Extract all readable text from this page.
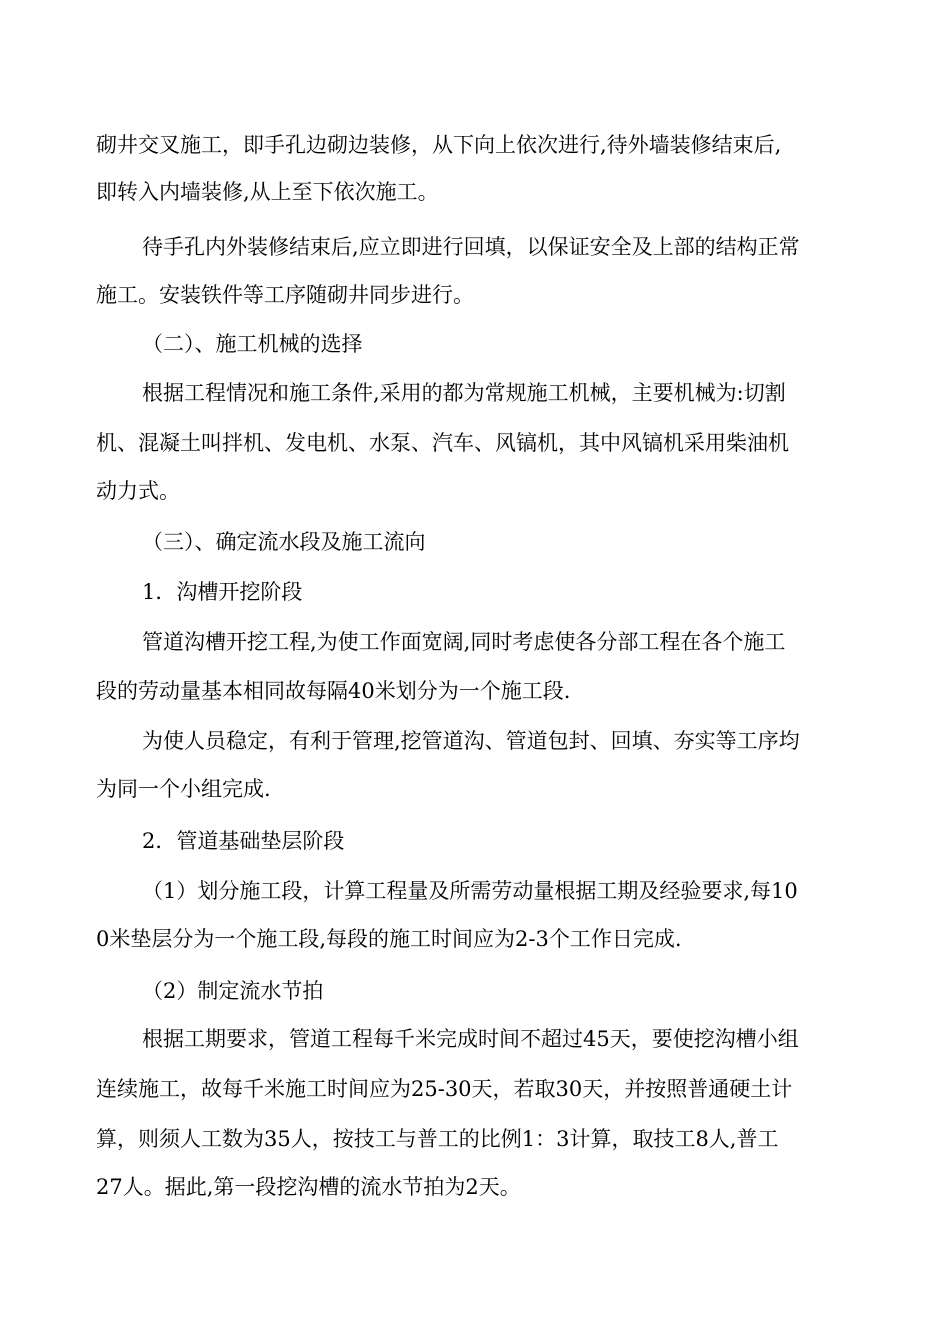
砌井交叉施工，即手孔边砌边装修，从下向上依次进行,待外墙装修结束后,
即转入内墙装修,从上至下依次施工。
待手孔内外装修结束后,应立即进行回填，以保证安全及上部的结构正常
施工。安装铁件等工序随砌井同步进行。
（二）、施工机械的选择
根据工程情况和施工条件,采用的都为常规施工机械，主要机械为:切割
机、混凝土叫拌机、发电机、水泵、汽车、风镐机，其中风镐机采用柴油机
动力式。
（三）、确定流水段及施工流向
1．沟槽开挖阶段
管道沟槽开挖工程,为使工作面宽阔,同时考虑使各分部工程在各个施工
段的劳动量基本相同故每隔40米划分为一个施工段.
为使人员稳定，有利于管理,挖管道沟、管道包封、回填、夯实等工序均
为同一个小组完成.
2．管道基础垫层阶段
（1）划分施工段，计算工程量及所需劳动量根据工期及经验要求,每10
0米垫层分为一个施工段,每段的施工时间应为2-3个工作日完成.
（2）制定流水节拍
根据工期要求，管道工程每千米完成时间不超过45天，要使挖沟槽小组
连续施工，故每千米施工时间应为25-30天，若取30天，并按照普通硬土计
算，则须人工数为35人，按技工与普工的比例1：3计算，取技工8人,普工
27人。据此,第一段挖沟槽的流水节拍为2天。
